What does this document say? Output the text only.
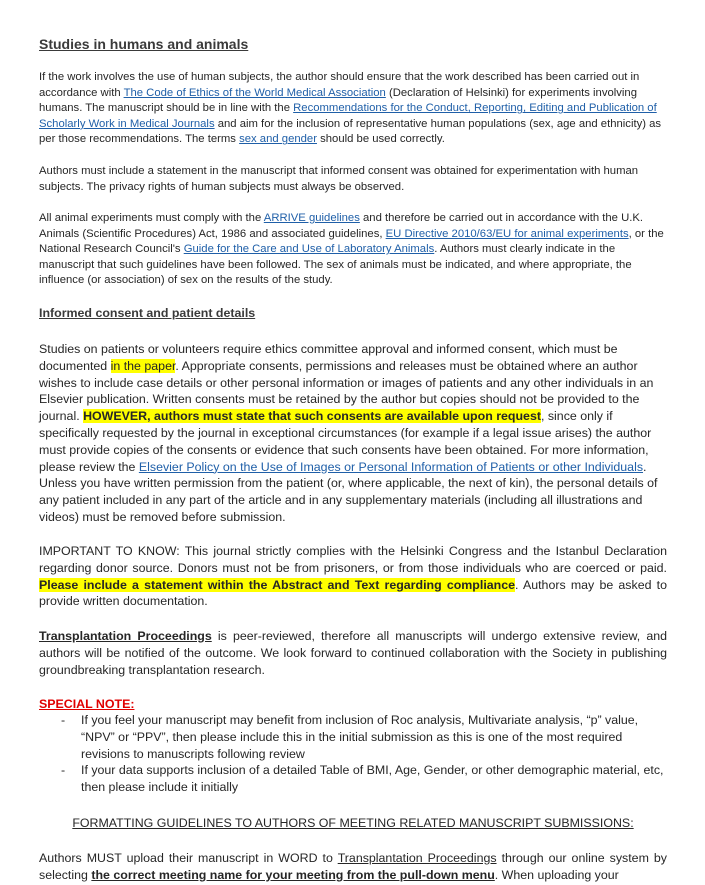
Studies in humans and animals

If the work involves the use of human subjects, the author should ensure that the work described has been carried out in accordance with The Code of Ethics of the World Medical Association (Declaration of Helsinki) for experiments involving humans. The manuscript should be in line with the Recommendations for the Conduct, Reporting, Editing and Publication of Scholarly Work in Medical Journals and aim for the inclusion of representative human populations (sex, age and ethnicity) as per those recommendations. The terms sex and gender should be used correctly.

Authors must include a statement in the manuscript that informed consent was obtained for experimentation with human subjects. The privacy rights of human subjects must always be observed.

All animal experiments must comply with the ARRIVE guidelines and therefore be carried out in accordance with the U.K. Animals (Scientific Procedures) Act, 1986 and associated guidelines, EU Directive 2010/63/EU for animal experiments, or the National Research Council's Guide for the Care and Use of Laboratory Animals. Authors must clearly indicate in the manuscript that such guidelines have been followed. The sex of animals must be indicated, and where appropriate, the influence (or association) of sex on the results of the study.

Informed consent and patient details

Studies on patients or volunteers require ethics committee approval and informed consent, which must be documented in the paper. Appropriate consents, permissions and releases must be obtained where an author wishes to include case details or other personal information or images of patients and any other individuals in an Elsevier publication. Written consents must be retained by the author but copies should not be provided to the journal. HOWEVER, authors must state that such consents are available upon request, since only if specifically requested by the journal in exceptional circumstances (for example if a legal issue arises) the author must provide copies of the consents or evidence that such consents have been obtained. For more information, please review the Elsevier Policy on the Use of Images or Personal Information of Patients or other Individuals. Unless you have written permission from the patient (or, where applicable, the next of kin), the personal details of any patient included in any part of the article and in any supplementary materials (including all illustrations and videos) must be removed before submission.

IMPORTANT TO KNOW: This journal strictly complies with the Helsinki Congress and the Istanbul Declaration regarding donor source. Donors must not be from prisoners, or from those individuals who are coerced or paid. Please include a statement within the Abstract and Text regarding compliance. Authors may be asked to provide written documentation.

Transplantation Proceedings is peer-reviewed, therefore all manuscripts will undergo extensive review, and authors will be notified of the outcome. We look forward to continued collaboration with the Society in publishing groundbreaking transplantation research.

SPECIAL NOTE:

- If you feel your manuscript may benefit from inclusion of Roc analysis, Multivariate analysis, “p” value, “NPV” or “PPV”, then please include this in the initial submission as this is one of the most required revisions to manuscripts following review
- If your data supports inclusion of a detailed Table of BMI, Age, Gender, or other demographic material, etc, then please include it initially
FORMATTING GUIDELINES TO AUTHORS OF MEETING RELATED MANUSCRIPT SUBMISSIONS:

Authors MUST upload their manuscript in WORD to Transplantation Proceedings through our online system by selecting the correct meeting name for your meeting from the pull-down menu. When uploading your
